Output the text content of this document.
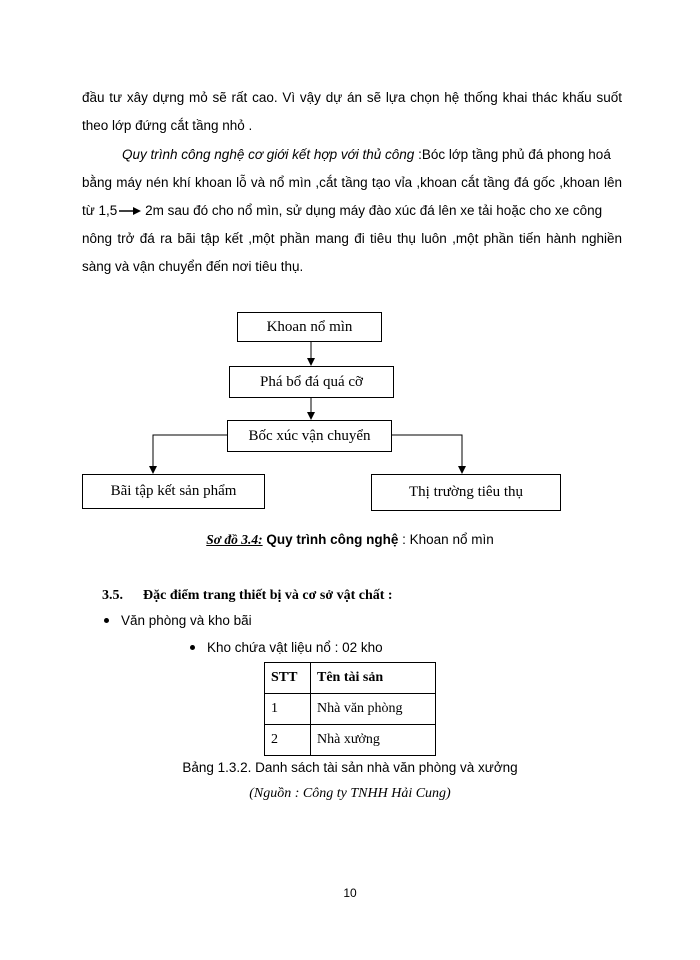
đầu tư xây dựng mỏ sẽ rất cao. Vì vậy dự án sẽ lựa chọn hệ thống khai thác khấu suốt
theo lớp đứng cắt tầng nhỏ .
Quy trình công nghệ cơ giới kết hợp với thủ công :Bóc lớp tầng phủ đá phong hoá
bằng máy nén khí khoan lỗ và nổ mìn ,cắt tầng tạo vỉa ,khoan cắt tầng đá gốc ,khoan lên
từ 1,5 2m sau đó cho nổ mìn, sử dụng máy đào xúc đá lên xe tải hoặc cho xe công
nông trở đá ra bãi tập kết ,một phần mang đi tiêu thụ luôn ,một phần tiến hành nghiền
sàng và vận chuyển đến nơi tiêu thụ.
Khoan nổ mìn
Phá bổ đá quá cỡ
Bốc xúc vận chuyển
Bãi tập kết sản phẩm	Thị trường tiêu thụ
Sơ đồ 3.4: Quy trình công nghệ : Khoan nổ mìn
3.5. Đặc điểm trang thiết bị và cơ sở vật chất :
Văn phòng và kho bãi
Kho chứa vật liệu nổ : 02 kho
STT	Tên tài sản
1	Nhà văn phòng
2	Nhà xưởng
Bảng 1.3.2. Danh sách tài sản nhà văn phòng và xưởng
(Nguồn : Công ty TNHH Hải Cung)
10
